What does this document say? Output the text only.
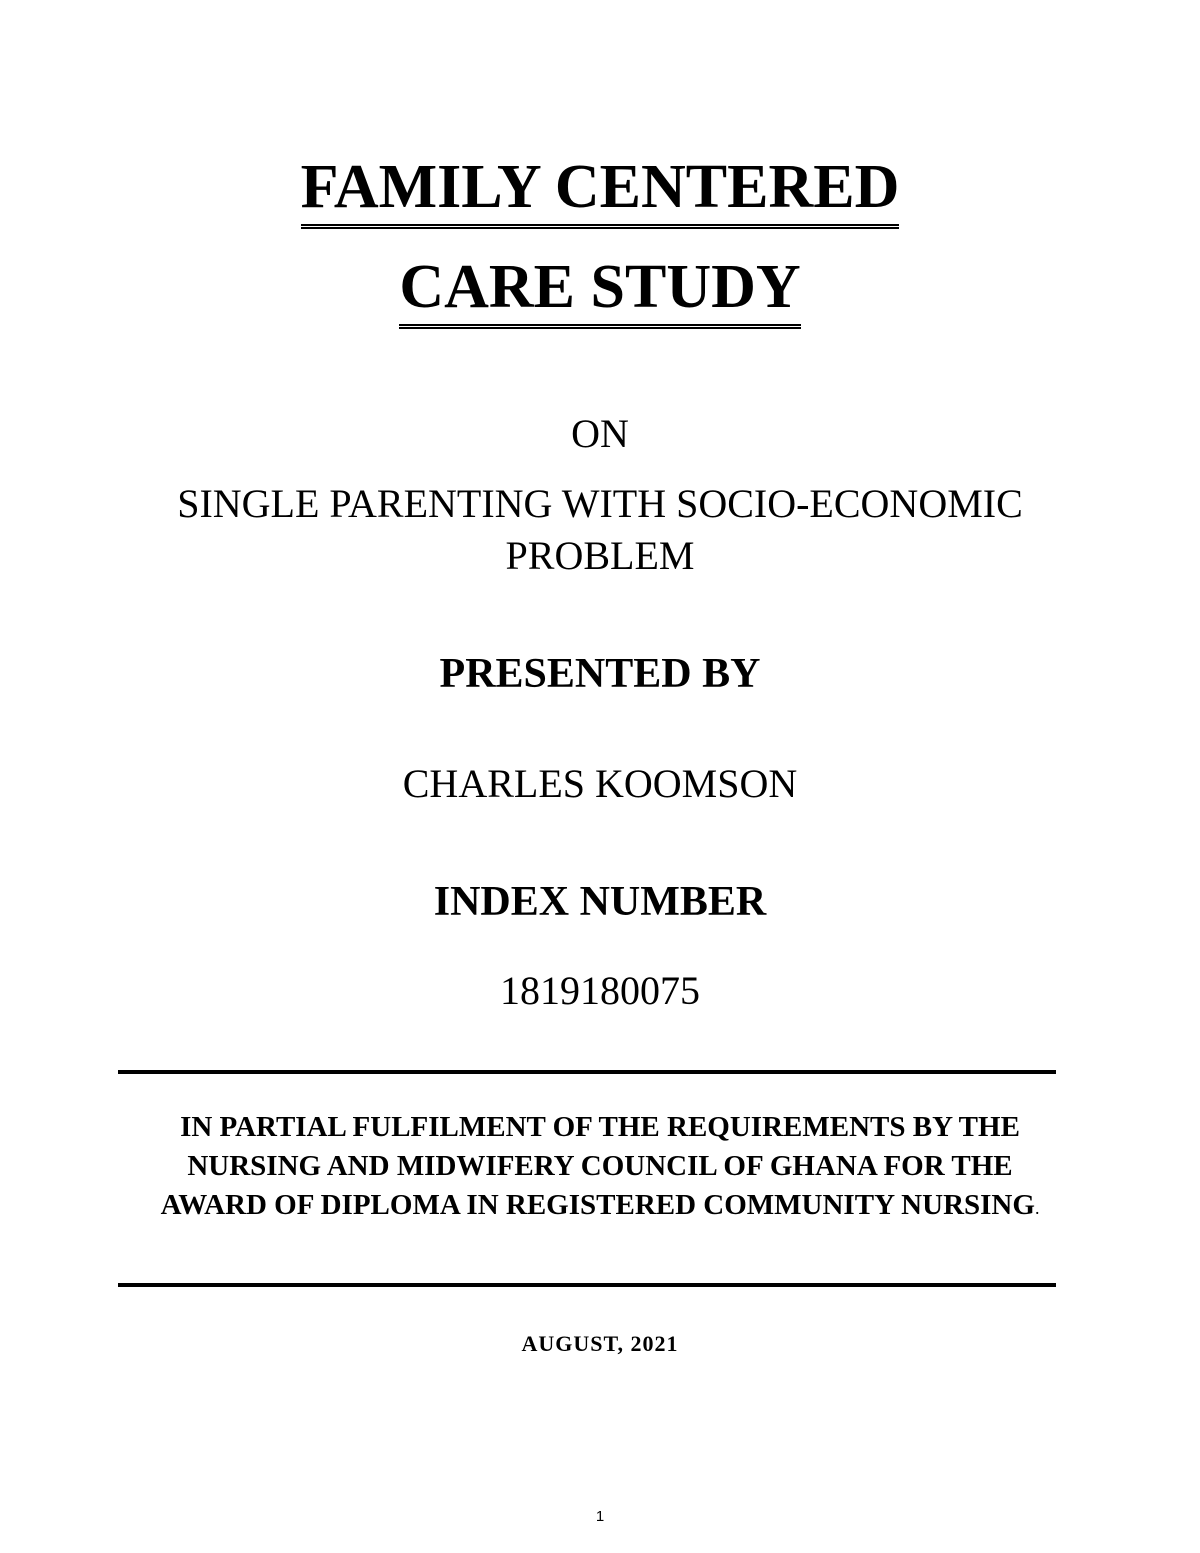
FAMILY CENTERED
CARE STUDY
ON
SINGLE PARENTING WITH SOCIO-ECONOMIC
PROBLEM
PRESENTED BY
CHARLES KOOMSON
INDEX NUMBER
1819180075
IN PARTIAL FULFILMENT OF THE REQUIREMENTS BY THE NURSING AND MIDWIFERY COUNCIL OF GHANA FOR THE AWARD OF DIPLOMA IN REGISTERED COMMUNITY NURSING.
AUGUST, 2021
1
